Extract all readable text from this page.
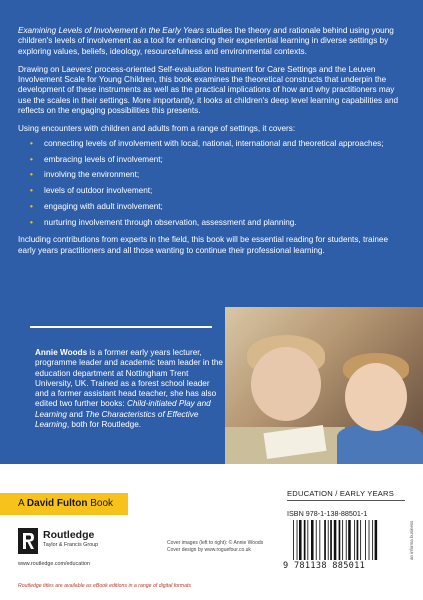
Examining Levels of Involvement in the Early Years studies the theory and rationale behind using young children's levels of involvement as a tool for enhancing their experiential learning in diverse settings by exploring values, beliefs, ideology, resourcefulness and environmental contexts.

Drawing on Laevers' process-oriented Self-evaluation Instrument for Care Settings and the Leuven Involvement Scale for Young Children, this book examines the theoretical constructs that underpin the development of these instruments as well as the practical implications of how and why practitioners may use the scales in their settings. More importantly, it looks at children's deep level learning capabilities and reflects on the engaging possibilities this presents.

Using encounters with children and adults from a range of settings, it covers:

• connecting levels of involvement with local, national, international and theoretical approaches;
• embracing levels of involvement;
• involving the environment;
• levels of outdoor involvement;
• engaging with adult involvement;
• nurturing involvement through observation, assessment and planning.

Including contributions from experts in the field, this book will be essential reading for students, trainee early years practitioners and all those wanting to continue their professional learning.

Annie Woods is a former early years lecturer, programme leader and academic team leader in the education department at Nottingham Trent University, UK. Trained as a forest school leader and a former assistant head teacher, she has also edited two further books: Child-initiated Play and Learning and The Characteristics of Effective Learning, both for Routledge.
A David Fulton Book
EDUCATION / EARLY YEARS
Routledge
Taylor & Francis Group
www.routledge.com/education
Cover images (left to right): © Annie Woods
Cover design by www.roguefour.co.uk
ISBN 978-1-138-88501-1
9 781138 885011
an informa business
Routledge titles are available as eBook editions in a range of digital formats
